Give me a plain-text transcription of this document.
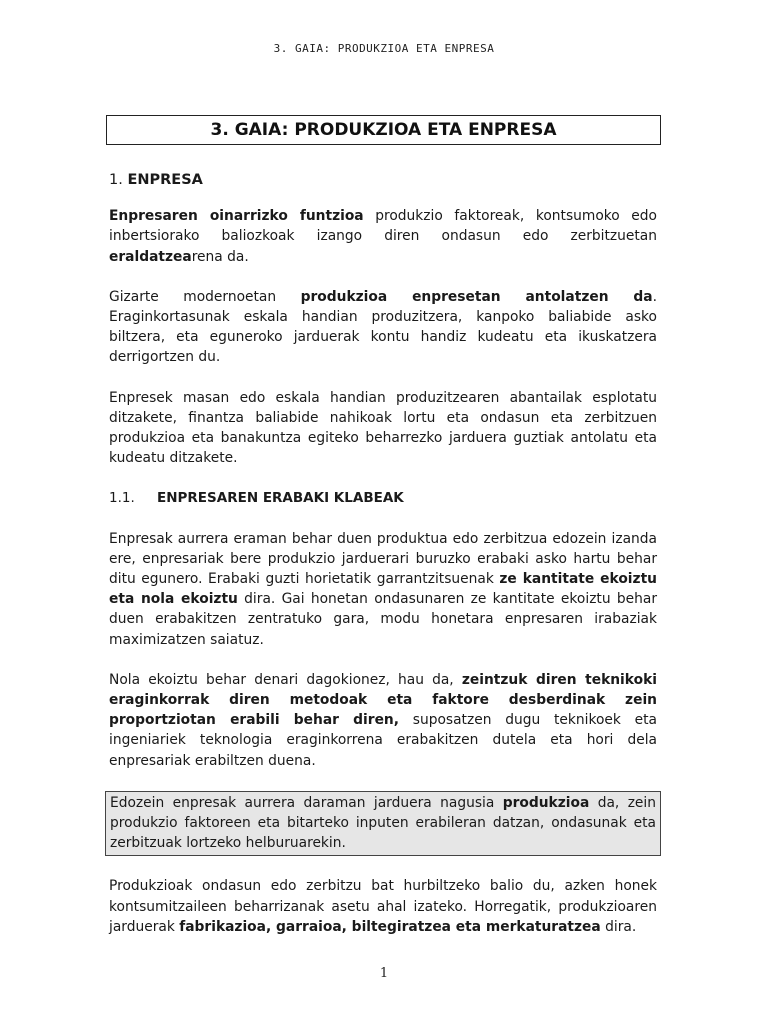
3. GAIA: PRODUKZIOA ETA ENPRESA
3. GAIA: PRODUKZIOA ETA ENPRESA
1. ENPRESA

Enpresaren oinarrizko funtzioa produkzio faktoreak, kontsumoko edo inbertsiorako baliozkoak izango diren ondasun edo zerbitzuetan eraldatzearena da.

Gizarte modernoetan produkzioa enpresetan antolatzen da. Eraginkortasunak eskala handian produzitzera, kanpoko baliabide asko biltzera, eta eguneroko jarduerak kontu handiz kudeatu eta ikuskatzera derrigortzen du.

Enpresek masan edo eskala handian produzitzearen abantailak esplotatu ditzakete, finantza baliabide nahikoak lortu eta ondasun eta zerbitzuen produkzioa eta banakuntza egiteko beharrezko jarduera guztiak antolatu eta kudeatu ditzakete.

1.1.	ENPRESAREN ERABAKI KLABEAK

Enpresak aurrera eraman behar duen produktua edo zerbitzua edozein izanda ere, enpresariak bere produkzio jarduerari buruzko erabaki asko hartu behar ditu egunero. Erabaki guzti horietatik garrantzitsuenak ze kantitate ekoiztu eta nola ekoiztu dira. Gai honetan ondasunaren ze kantitate ekoiztu behar duen erabakitzen zentratuko gara, modu honetara enpresaren irabaziak maximizatzen saiatuz.

Nola ekoiztu behar denari dagokionez, hau da, zeintzuk diren teknikoki eraginkorrak diren metodoak eta faktore desberdinak zein proportziotan erabili behar diren, suposatzen dugu teknikoek eta ingeniariek teknologia eraginkorrena erabakitzen dutela eta hori dela enpresariak erabiltzen duena.

Edozein enpresak aurrera daraman jarduera nagusia produkzioa da, zein produkzio faktoreen eta bitarteko inputen erabileran datzan, ondasunak eta zerbitzuak lortzeko helburuarekin.

Produkzioak ondasun edo zerbitzu bat hurbiltzeko balio du, azken honek kontsumitzaileen beharrizanak asetu ahal izateko. Horregatik, produkzioaren jarduerak fabrikazioa, garraioa, biltegiratzea eta merkaturatzea dira.

1
